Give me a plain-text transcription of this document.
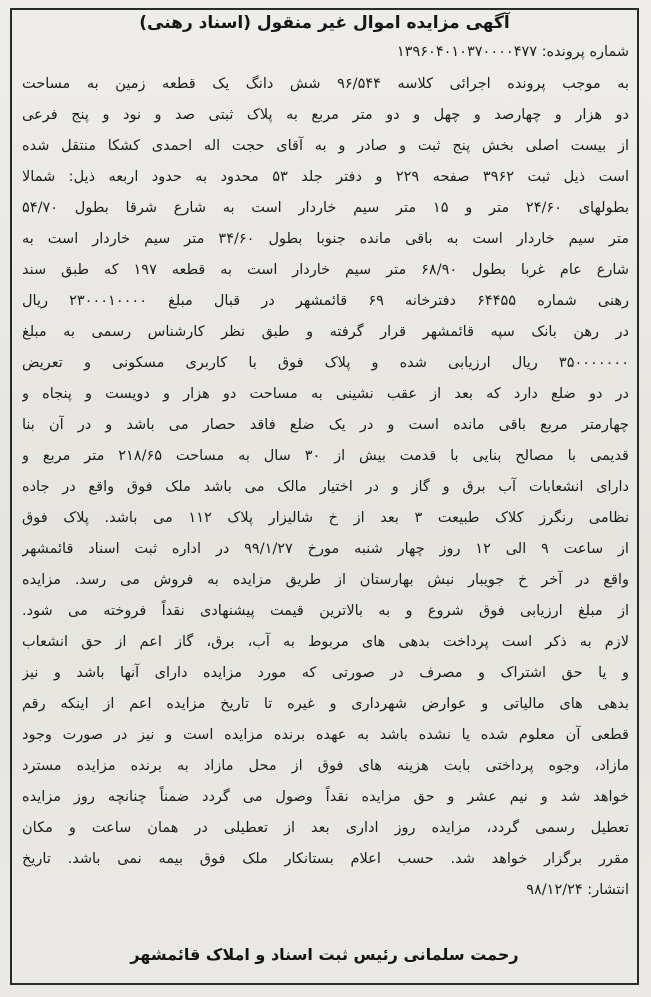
آگهی مزایده اموال غیر منقول (اسناد رهنی)
شماره پرونده: ۱۳۹۶۰۴۰۱۰۳۷۰۰۰۰۴۷۷
به موجب پرونده اجرائی کلاسه ۹۶/۵۴۴ شش دانگ یک قطعه زمین به مساحت
دو هزار و چهارصد و چهل و دو متر مربع به پلاک ثبتی صد و نود و پنج فرعی
از بیست اصلی بخش پنج ثبت و صادر و به آقای حجت اله احمدی کشکا منتقل شده
است ذیل ثبت ۳۹۶۲ صفحه ۲۲۹ و دفتر جلد ۵۳ محدود به حدود اربعه ذیل: شمالا
بطولهای ۲۴/۶۰ متر و ۱۵ متر سیم خاردار است به شارع شرقا بطول ۵۴/۷۰
متر سیم خاردار است به باقی مانده جنوبا بطول ۳۴/۶۰ متر سیم خاردار است به
شارع عام غربا بطول ۶۸/۹۰ متر سیم خاردار است به قطعه ۱۹۷ که طبق سند
رهنی شماره ۶۴۴۵۵ دفترخانه ۶۹ قائمشهر در قبال مبلغ ۲۳۰۰۰۱۰۰۰۰ ریال
در رهن بانک سپه قائمشهر قرار گرفته و طبق نظر کارشناس رسمی به مبلغ
۳۵۰۰۰۰۰۰۰ ریال ارزیابی شده و پلاک فوق با کاربری مسکونی و تعریض
در دو ضلع دارد که بعد از عقب نشینی به مساحت دو هزار و دویست و پنجاه و
چهارمتر مربع باقی مانده است و در یک ضلع فاقد حصار می باشد و در آن بنا
قدیمی با مصالح بنایی با قدمت بیش از ۳۰ سال به مساحت ۲۱۸/۶۵ متر مربع و
دارای انشعابات آب برق و گاز و در اختیار مالک می باشد ملک فوق واقع در جاده
نظامی رنگرز کلاک طبیعت ۳ بعد از خ شالیزار پلاک ۱۱۲ می باشد. پلاک فوق
از ساعت ۹ الی ۱۲ روز چهار شنبه مورخ ۹۹/۱/۲۷ در اداره ثبت اسناد قائمشهر
واقع در آخر خ جویبار نبش بهارستان از طریق مزایده به فروش می رسد. مزایده
از مبلغ ارزیابی فوق شروع و به بالاترین قیمت پیشنهادی نقداً فروخته می شود.
لازم به ذکر است پرداخت بدهی های مربوط به آب، برق، گاز اعم از حق انشعاب
و یا حق اشتراک و مصرف در صورتی که مورد مزایده دارای آنها باشد و نیز
بدهی های مالیاتی و عوارض شهرداری و غیره تا تاریخ مزایده اعم از اینکه رقم
قطعی آن معلوم شده یا نشده باشد به عهده برنده مزایده است و نیز در صورت وجود
مازاد، وجوه پرداختی بابت هزینه های فوق از محل مازاد به برنده مزایده مسترد
خواهد شد و نیم عشر و حق مزایده نقداً وصول می گردد ضمناً چنانچه روز مزایده
تعطیل رسمی گردد، مزایده روز اداری بعد از تعطیلی در همان ساعت و مکان
مقرر برگزار خواهد شد. حسب اعلام بستانکار ملک فوق بیمه نمی باشد. تاریخ
انتشار: ۹۸/۱۲/۲۴
رحمت سلمانی رئیس ثبت اسناد و املاک قائمشهر
